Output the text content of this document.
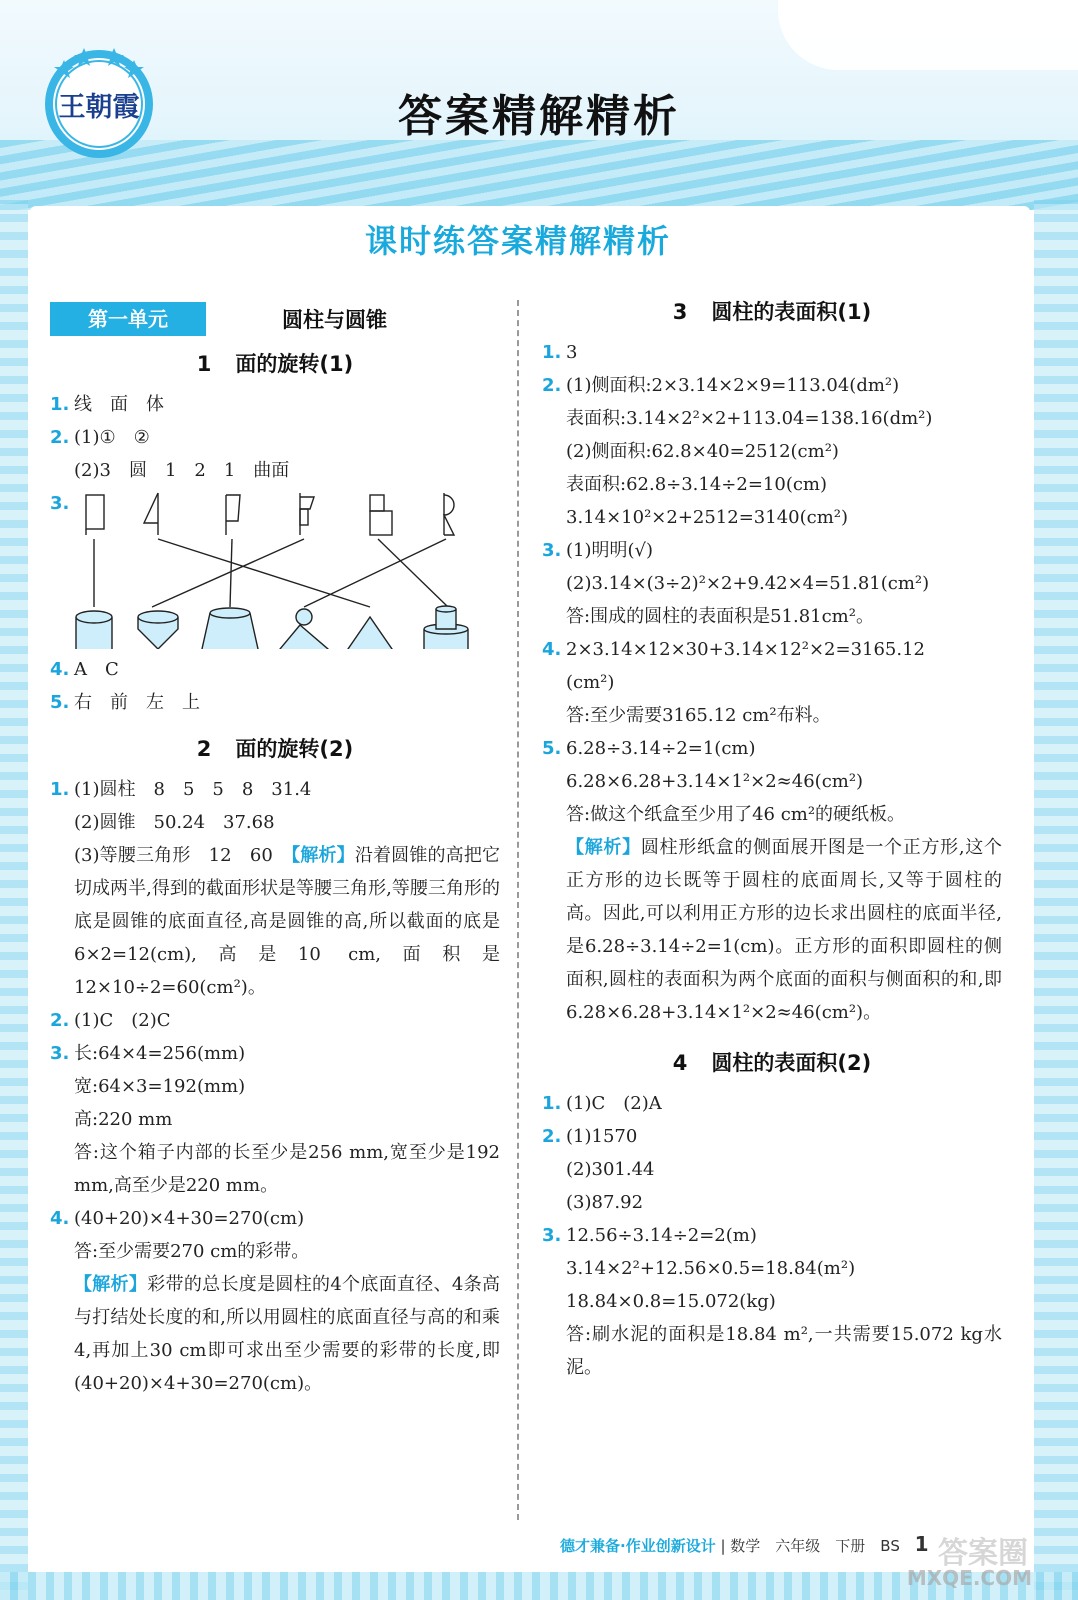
王朝霞	答案精解精析
课时练答案精解精析
第一单元	圆柱与圆锥
1 面的旋转(1)
1. 线　面　体
2. (1)①　②
(2)3　圆　1　2　1　曲面
3.
4. A　C
5. 右　前　左　上
2 面的旋转(2)
1. (1)圆柱　8　5　5　8　31.4
(2)圆锥　50.24　37.68
(3)等腰三角形　12　60　【解析】沿着圆锥的高把它切成两半,得到的截面形状是等腰三角形,等腰三角形的底是圆锥的底面直径,高是圆锥的高,所以截面的底是6×2=12(cm),高是10 cm,面积是12×10÷2=60(cm²)。
2. (1)C　(2)C
3. 长:64×4=256(mm)
宽:64×3=192(mm)
高:220 mm
答:这个箱子内部的长至少是256 mm,宽至少是192 mm,高至少是220 mm。
4. (40+20)×4+30=270(cm)
答:至少需要270 cm的彩带。
【解析】彩带的总长度是圆柱的4个底面直径、4条高与打结处长度的和,所以用圆柱的底面直径与高的和乘4,再加上30 cm即可求出至少需要的彩带的长度,即(40+20)×4+30=270(cm)。
3 圆柱的表面积(1)
1. 3
2. (1)侧面积:2×3.14×2×9=113.04(dm²)
表面积:3.14×2²×2+113.04=138.16(dm²)
(2)侧面积:62.8×40=2512(cm²)
表面积:62.8÷3.14÷2=10(cm)
3.14×10²×2+2512=3140(cm²)
3. (1)明明(√)
(2)3.14×(3÷2)²×2+9.42×4=51.81(cm²)
答:围成的圆柱的表面积是51.81cm²。
4. 2×3.14×12×30+3.14×12²×2=3165.12
(cm²)
答:至少需要3165.12 cm²布料。
5. 6.28÷3.14÷2=1(cm)
6.28×6.28+3.14×1²×2≈46(cm²)
答:做这个纸盒至少用了46 cm²的硬纸板。
【解析】圆柱形纸盒的侧面展开图是一个正方形,这个正方形的边长既等于圆柱的底面周长,又等于圆柱的高。因此,可以利用正方形的边长求出圆柱的底面半径,是6.28÷3.14÷2=1(cm)。正方形的面积即圆柱的侧面积,圆柱的表面积为两个底面的面积与侧面积的和,即6.28×6.28+3.14×1²×2≈46(cm²)。
4 圆柱的表面积(2)
1. (1)C　(2)A
2. (1)1570
(2)301.44
(3)87.92
3. 12.56÷3.14÷2=2(m)
3.14×2²+12.56×0.5=18.84(m²)
18.84×0.8=15.072(kg)
答:刷水泥的面积是18.84 m²,一共需要15.072 kg水泥。
德才兼备·作业创新设计 | 数学　六年级　下册　BS 1 答案圈
MXQE.COM
